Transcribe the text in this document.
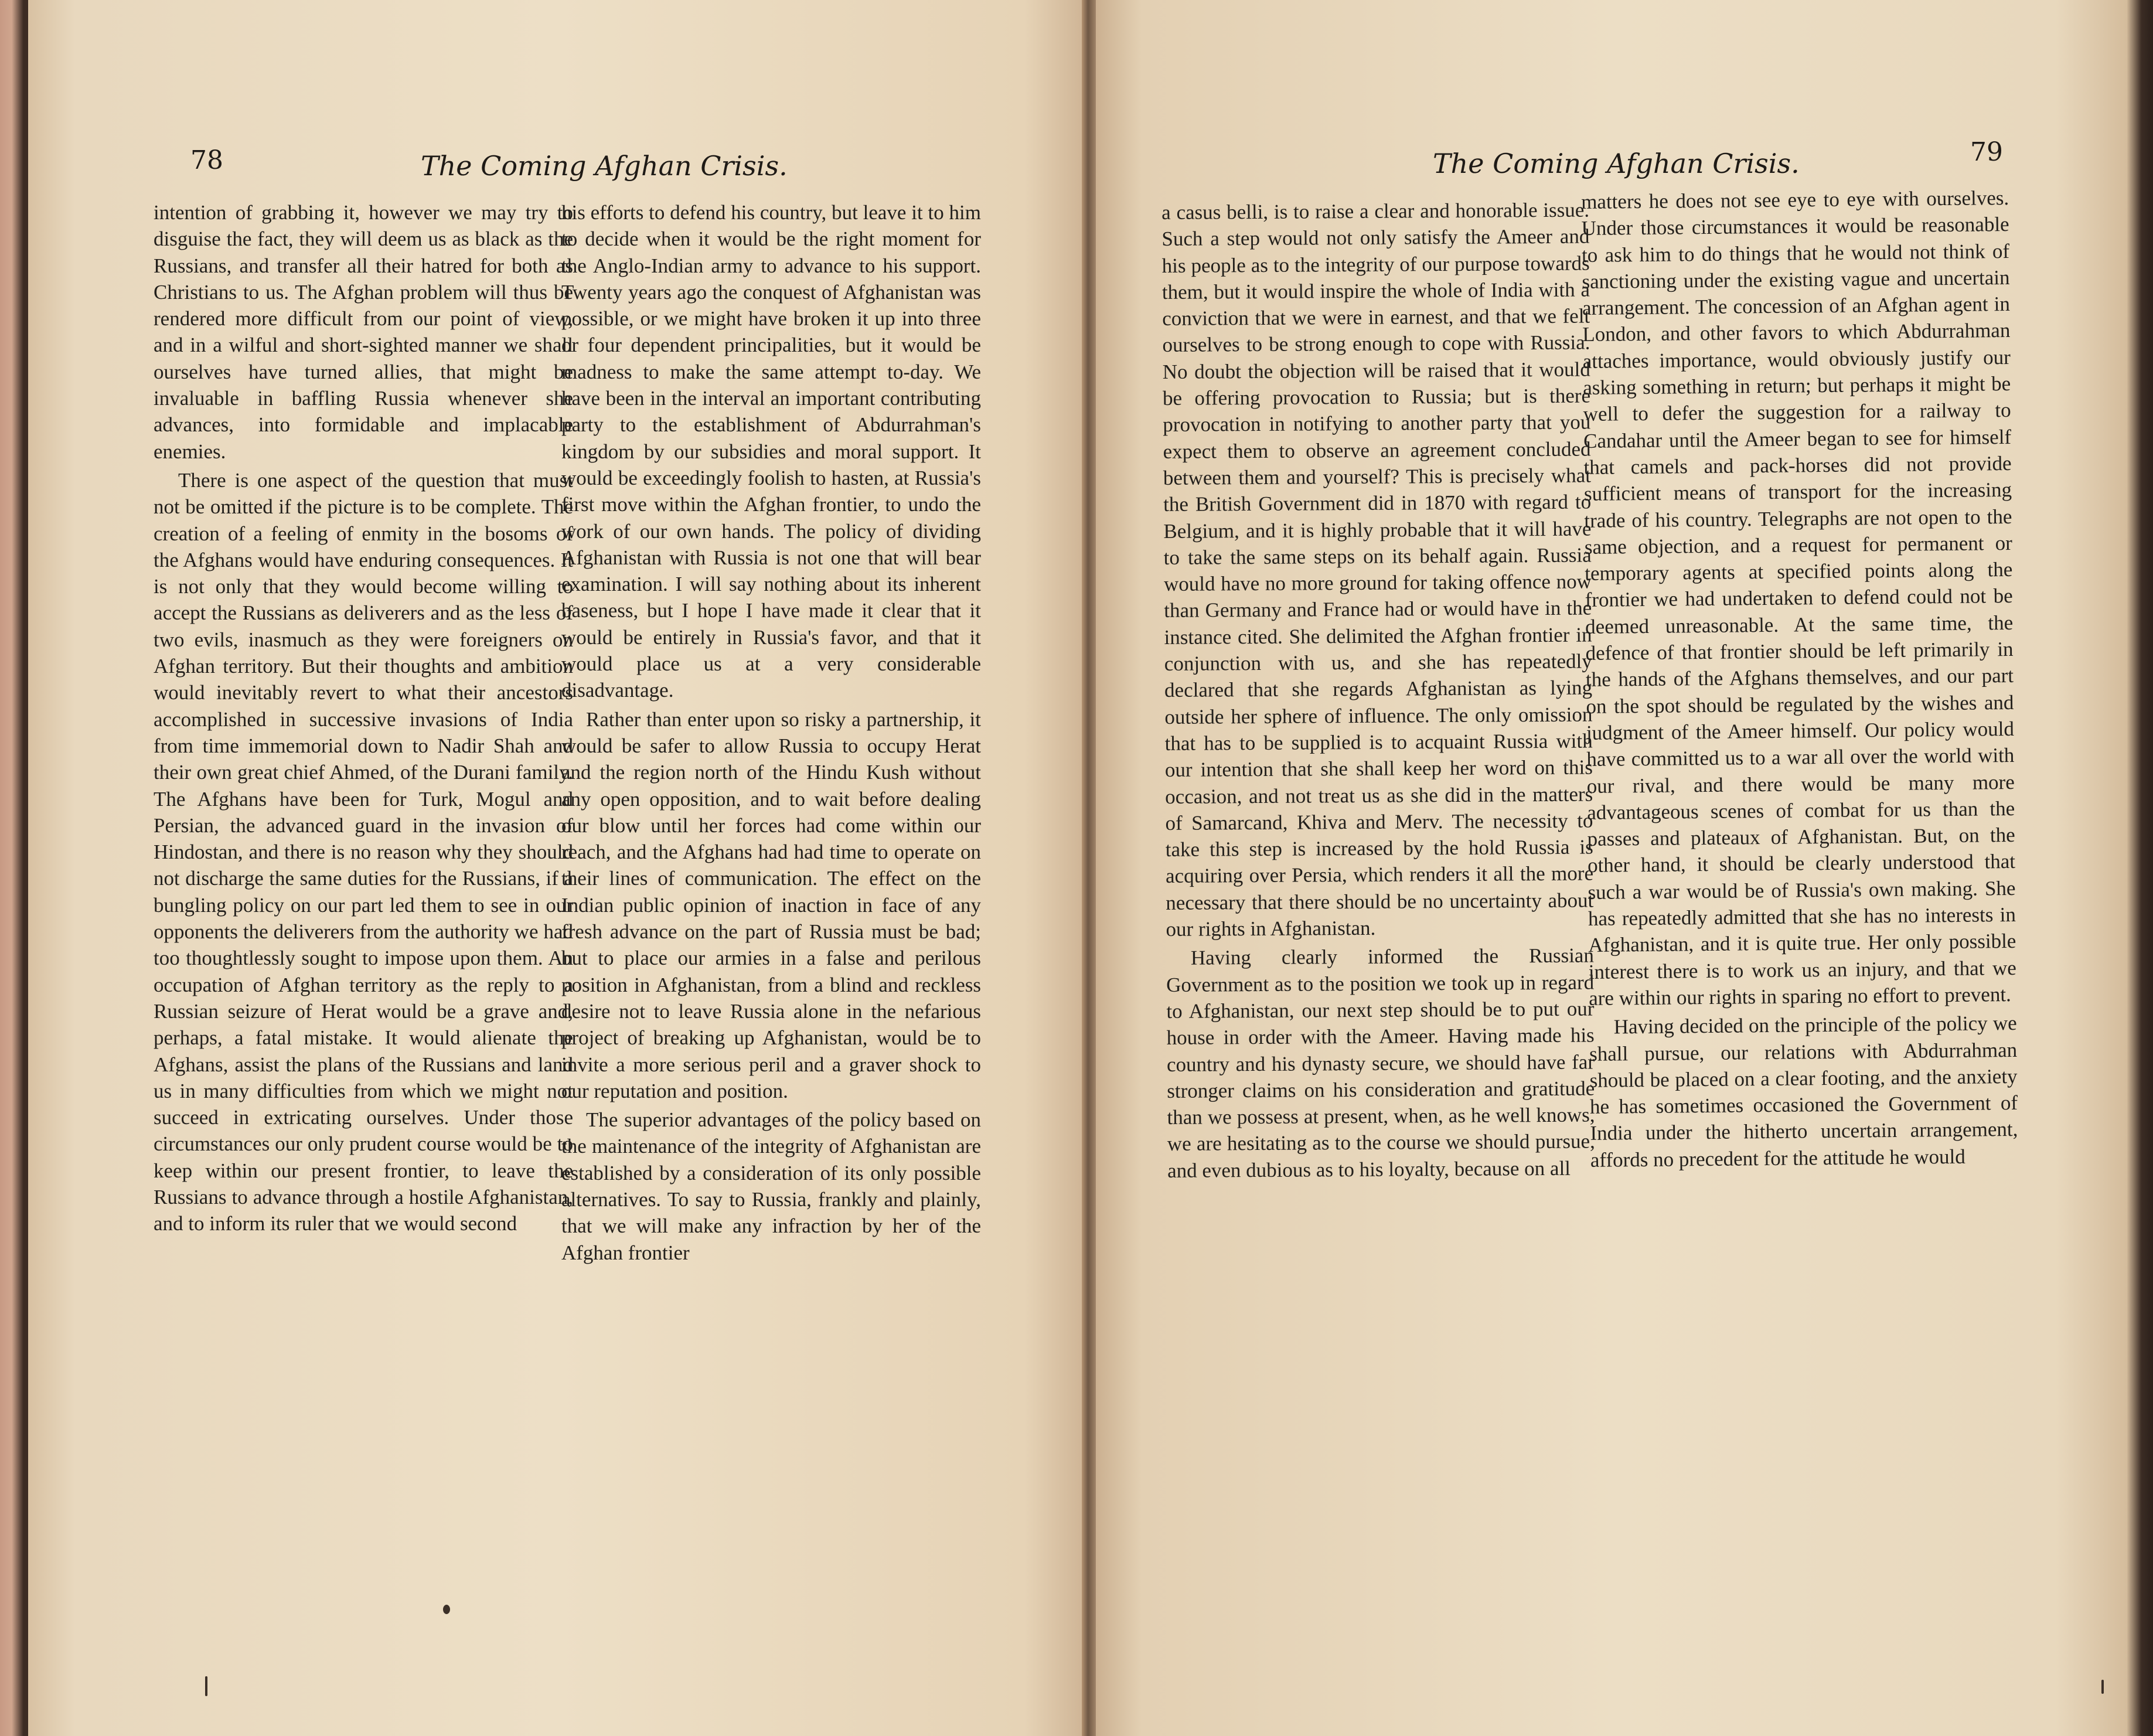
78	The Coming Afghan Crisis.

intention of grabbing it, however we may try to disguise the fact, they will deem us as black as the Russians, and transfer all their hatred for both as Christians to us. The Afghan problem will thus be rendered more difficult from our point of view, and in a wilful and short-sighted manner we shall ourselves have turned allies, that might be invaluable in baffling Russia whenever she advances, into formidable and implacable enemies.

There is one aspect of the question that must not be omitted if the picture is to be complete. The creation of a feeling of enmity in the bosoms of the Afghans would have enduring consequences. It is not only that they would become willing to accept the Russians as deliverers and as the less of two evils, inasmuch as they were foreigners on Afghan territory. But their thoughts and ambition would inevitably revert to what their ancestors accomplished in successive invasions of India from time immemorial down to Nadir Shah and their own great chief Ahmed, of the Durani family. The Afghans have been for Turk, Mogul and Persian, the advanced guard in the invasion of Hindostan, and there is no reason why they should not discharge the same duties for the Russians, if a bungling policy on our part led them to see in our opponents the deliverers from the authority we had too thoughtlessly sought to impose upon them. An occupation of Afghan territory as the reply to a Russian seizure of Herat would be a grave and, perhaps, a fatal mistake. It would alienate the Afghans, assist the plans of the Russians and land us in many difficulties from which we might not succeed in extricating ourselves. Under those circumstances our only prudent course would be to keep within our present frontier, to leave the Russians to advance through a hostile Afghanistan, and to inform its ruler that we would second

his efforts to defend his country, but leave it to him to decide when it would be the right moment for the Anglo-Indian army to advance to his support. Twenty years ago the conquest of Afghanistan was possible, or we might have broken it up into three or four dependent principalities, but it would be madness to make the same attempt to-day. We have been in the interval an important contributing party to the establishment of Abdurrahman's kingdom by our subsidies and moral support. It would be exceedingly foolish to hasten, at Russia's first move within the Afghan frontier, to undo the work of our own hands. The policy of dividing Afghanistan with Russia is not one that will bear examination. I will say nothing about its inherent baseness, but I hope I have made it clear that it would be entirely in Russia's favor, and that it would place us at a very considerable disadvantage.

Rather than enter upon so risky a partnership, it would be safer to allow Russia to occupy Herat and the region north of the Hindu Kush without any open opposition, and to wait before dealing our blow until her forces had come within our reach, and the Afghans had had time to operate on their lines of communication. The effect on the Indian public opinion of inaction in face of any fresh advance on the part of Russia must be bad; but to place our armies in a false and perilous position in Afghanistan, from a blind and reckless desire not to leave Russia alone in the nefarious project of breaking up Afghanistan, would be to invite a more serious peril and a graver shock to our reputation and position.

The superior advantages of the policy based on the maintenance of the integrity of Afghanistan are established by a consideration of its only possible alternatives. To say to Russia, frankly and plainly, that we will make any infraction by her of the Afghan frontier

The Coming Afghan Crisis.	79

a casus belli, is to raise a clear and honorable issue. Such a step would not only satisfy the Ameer and his people as to the integrity of our purpose towards them, but it would inspire the whole of India with a conviction that we were in earnest, and that we felt ourselves to be strong enough to cope with Russia. No doubt the objection will be raised that it would be offering provocation to Russia; but is there provocation in notifying to another party that you expect them to observe an agreement concluded between them and yourself? This is precisely what the British Government did in 1870 with regard to Belgium, and it is highly probable that it will have to take the same steps on its behalf again. Russia would have no more ground for taking offence now than Germany and France had or would have in the instance cited. She delimited the Afghan frontier in conjunction with us, and she has repeatedly declared that she regards Afghanistan as lying outside her sphere of influence. The only omission that has to be supplied is to acquaint Russia with our intention that she shall keep her word on this occasion, and not treat us as she did in the matters of Samarcand, Khiva and Merv. The necessity to take this step is increased by the hold Russia is acquiring over Persia, which renders it all the more necessary that there should be no uncertainty about our rights in Afghanistan.

Having clearly informed the Russian Government as to the position we took up in regard to Afghanistan, our next step should be to put our house in order with the Ameer. Having made his country and his dynasty secure, we should have far stronger claims on his consideration and gratitude than we possess at present, when, as he well knows, we are hesitating as to the course we should pursue, and even dubious as to his loyalty, because on all

matters he does not see eye to eye with ourselves. Under those circumstances it would be reasonable to ask him to do things that he would not think of sanctioning under the existing vague and uncertain arrangement. The concession of an Afghan agent in London, and other favors to which Abdurrahman attaches importance, would obviously justify our asking something in return; but perhaps it might be well to defer the suggestion for a railway to Candahar until the Ameer began to see for himself that camels and pack-horses did not provide sufficient means of transport for the increasing trade of his country. Telegraphs are not open to the same objection, and a request for permanent or temporary agents at specified points along the frontier we had undertaken to defend could not be deemed unreasonable. At the same time, the defence of that frontier should be left primarily in the hands of the Afghans themselves, and our part on the spot should be regulated by the wishes and judgment of the Ameer himself. Our policy would have committed us to a war all over the world with our rival, and there would be many more advantageous scenes of combat for us than the passes and plateaux of Afghanistan. But, on the other hand, it should be clearly understood that such a war would be of Russia's own making. She has repeatedly admitted that she has no interests in Afghanistan, and it is quite true. Her only possible interest there is to work us an injury, and that we are within our rights in sparing no effort to prevent.

Having decided on the principle of the policy we shall pursue, our relations with Abdurrahman should be placed on a clear footing, and the anxiety he has sometimes occasioned the Government of India under the hitherto uncertain arrangement, affords no precedent for the attitude he would
